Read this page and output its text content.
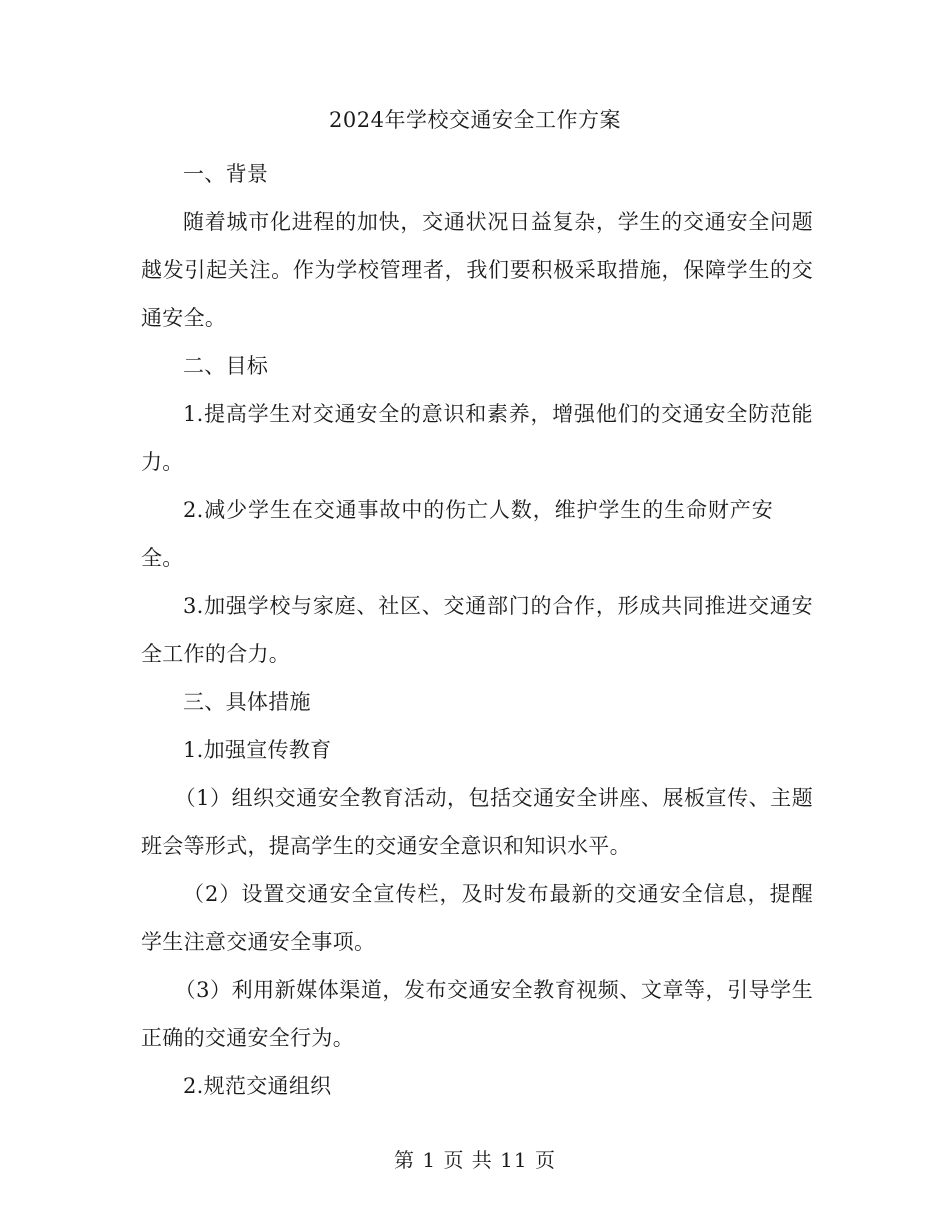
2024年学校交通安全工作方案

一、背景

随着城市化进程的加快，交通状况日益复杂，学生的交通安全问题越发引起关注。作为学校管理者，我们要积极采取措施，保障学生的交通安全。

二、目标

1.提高学生对交通安全的意识和素养，增强他们的交通安全防范能力。

2.减少学生在交通事故中的伤亡人数，维护学生的生命财产安全。

3.加强学校与家庭、社区、交通部门的合作，形成共同推进交通安全工作的合力。

三、具体措施

1.加强宣传教育

（1）组织交通安全教育活动，包括交通安全讲座、展板宣传、主题班会等形式，提高学生的交通安全意识和知识水平。

（2）设置交通安全宣传栏，及时发布最新的交通安全信息，提醒学生注意交通安全事项。

（3）利用新媒体渠道，发布交通安全教育视频、文章等，引导学生正确的交通安全行为。

2.规范交通组织

第 1 页 共 11 页
